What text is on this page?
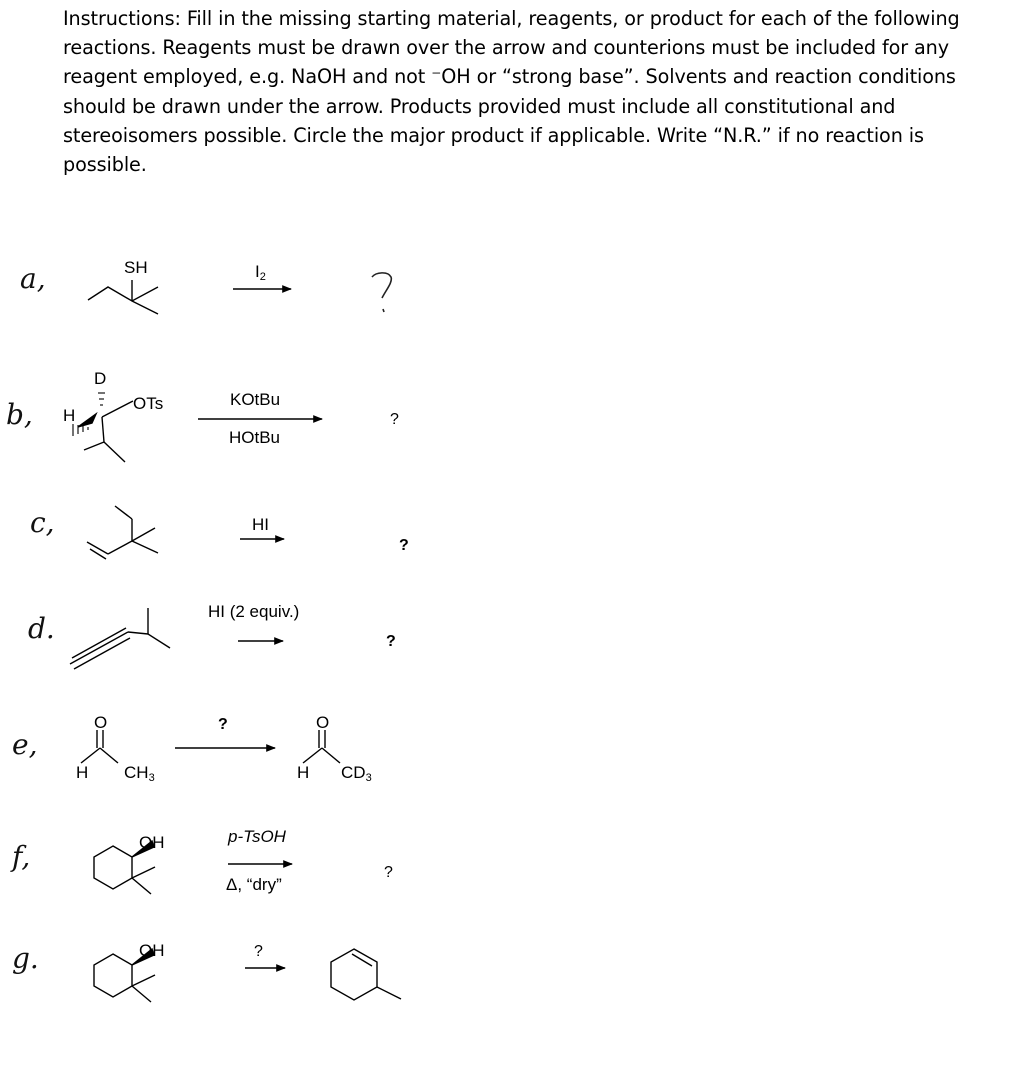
Instructions: Fill in the missing starting material, reagents, or product for each of the following reactions. Reagents must be drawn over the arrow and counterions must be included for any reagent employed, e.g. NaOH and not ⁻OH or “strong base”. Solvents and reaction conditions should be drawn under the arrow. Products provided must include all constitutional and stereoisomers possible. Circle the major product if applicable. Write “N.R.” if no reaction is possible.
a,
b,
c,
d.
e,
f,
g.
SH	$I_2$
D
H
OTs	KOtBu
HOtBu
?
HI
?
HI (2 equiv.)
?
O
H $CH_3$
?	O
H $CD_3$
OH	p-TsOH
Δ, “dry”
?
OH	?
